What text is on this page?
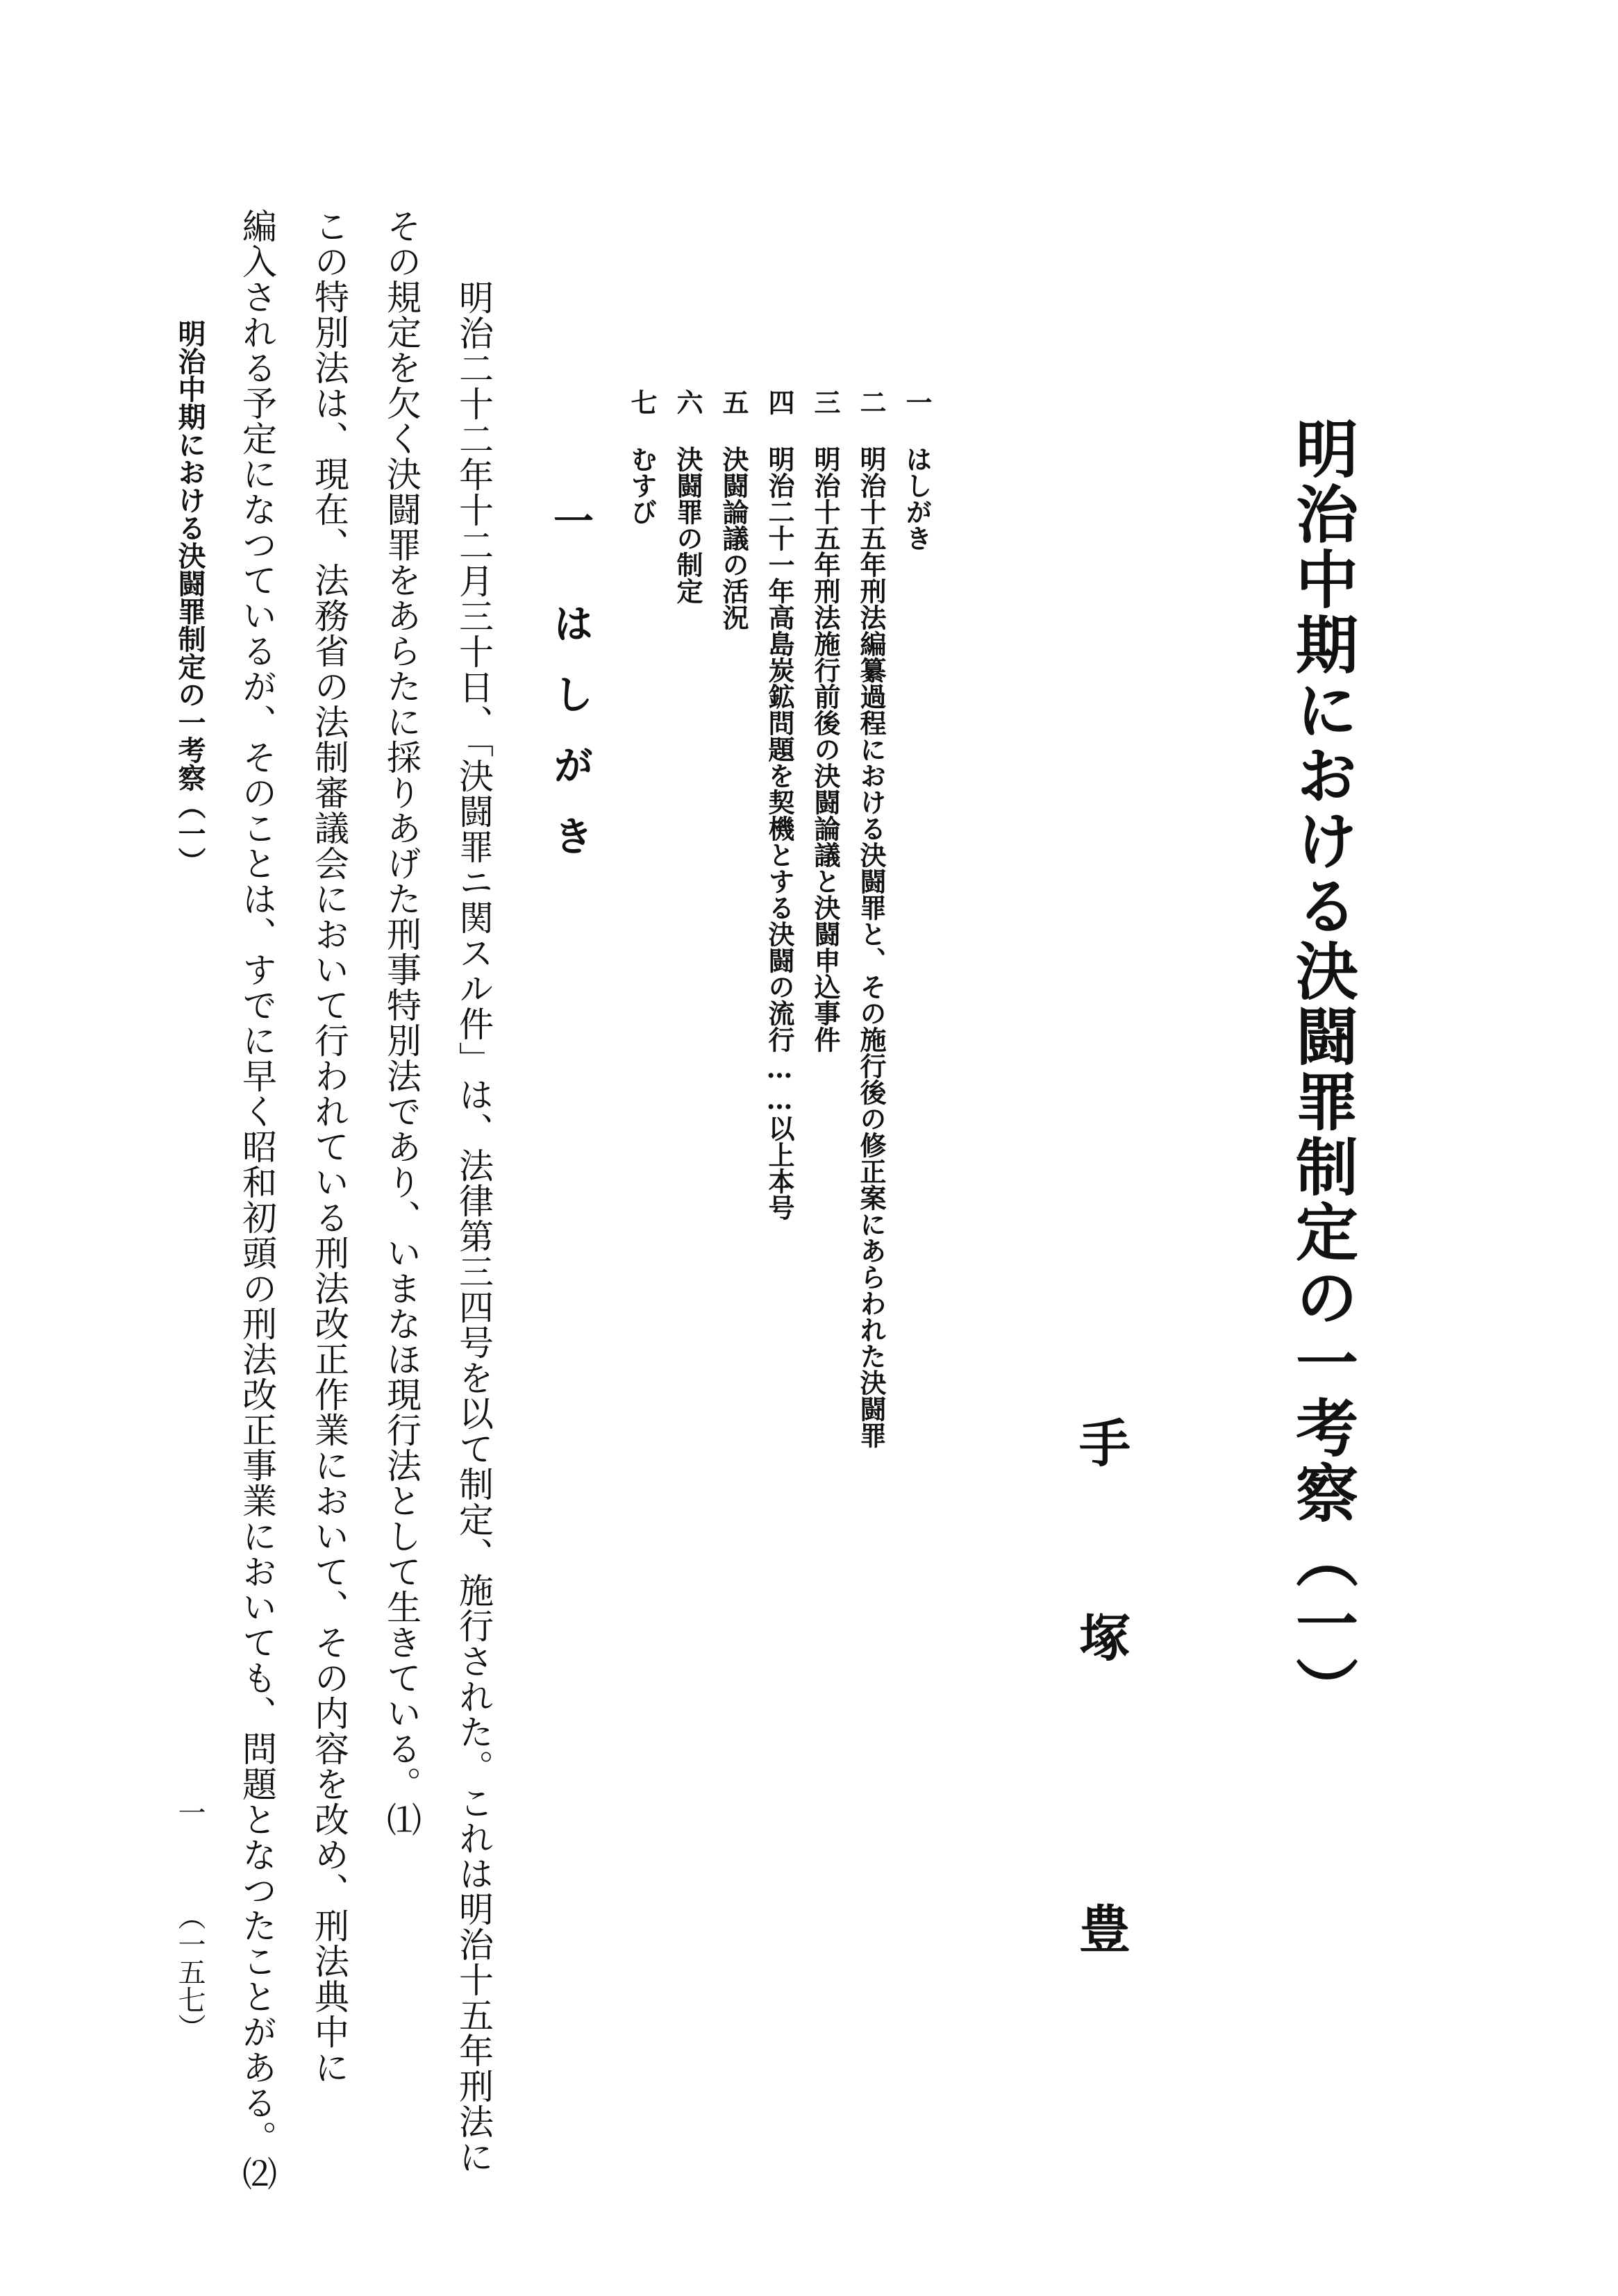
明治中期における決闘罪制定の一考察（一）
手
塚
豊
一はしがき
二明治十五年刑法編纂過程における決闘罪と、その施行後の修正案にあらわれた決闘罪
三明治十五年刑法施行前後の決闘論議と決闘申込事件
四明治二十一年高島炭鉱問題を契機とする決闘の流行……以上本号
五決闘論議の活況
六決闘罪の制定
七むすび
一はしがき
　明治二十二年十二月三十日、「決闘罪ニ関スル件」は、法律第三四号を以て制定、施行された。これは明治十五年刑法に
その規定を欠く決闘罪をあらたに採りあげた刑事特別法であり、いまなほ現行法として生きている。⑴
この特別法は、現在、法務省の法制審議会において行われている刑法改正作業において、その内容を改め、刑法典中に
編入される予定になつているが、そのことは、すでに早く昭和初頭の刑法改正事業においても、問題となつたことがある。⑵
明治中期における決闘罪制定の一考察（一）
一
（一五七）
